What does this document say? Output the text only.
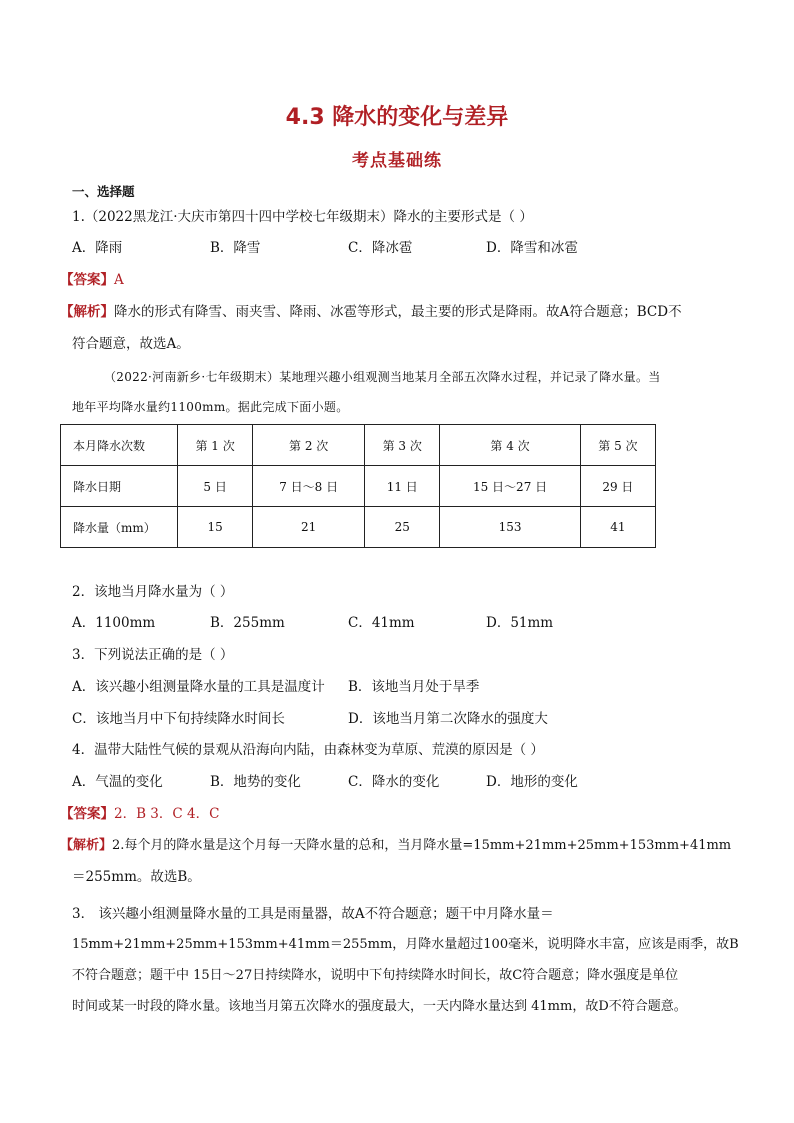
4.3 降水的变化与差异
考点基础练
一、选择题
1.（2022黑龙江·大庆市第四十四中学校七年级期末）降水的主要形式是（ ）
A．降雨	B．降雪	C．降冰雹	D．降雪和冰雹
【答案】A
【解析】降水的形式有降雪、雨夹雪、降雨、冰雹等形式，最主要的形式是降雨。故A符合题意；BCD不
符合题意，故选A。
（2022·河南新乡·七年级期末）某地理兴趣小组观测当地某月全部五次降水过程，并记录了降水量。当
地年平均降水量约1100mm。据此完成下面小题。
本月降水次数	第 1 次	第 2 次	第 3 次	第 4 次	第 5 次
降水日期	5 日	7 日～8 日	11 日	15 日～27 日	29 日
降水量（mm）	15	21	25	153	41
2．该地当月降水量为（ ）
A．1100mm	B．255mm	C．41mm	D．51mm
3．下列说法正确的是（ ）
A．该兴趣小组测量降水量的工具是温度计 B．该地当月处于旱季
C．该地当月中下旬持续降水时间长	D．该地当月第二次降水的强度大
4．温带大陆性气候的景观从沿海向内陆，由森林变为草原、荒漠的原因是（ ）
A．气温的变化	B．地势的变化	C．降水的变化	D．地形的变化
【答案】2．B 3．C 4．C
【解析】2.每个月的降水量是这个月每一天降水量的总和，当月降水量=15mm+21mm+25mm+153mm+41mm
＝255mm。故选B。
3． 该兴趣小组测量降水量的工具是雨量器，故A不符合题意；题干中月降水量＝
15mm+21mm+25mm+153mm+41mm＝255mm，月降水量超过100毫米，说明降水丰富，应该是雨季，故B
不符合题意；题干中 15日～27日持续降水，说明中下旬持续降水时间长，故C符合题意；降水强度是单位
时间或某一时段的降水量。该地当月第五次降水的强度最大，一天内降水量达到 41mm，故D不符合题意。
